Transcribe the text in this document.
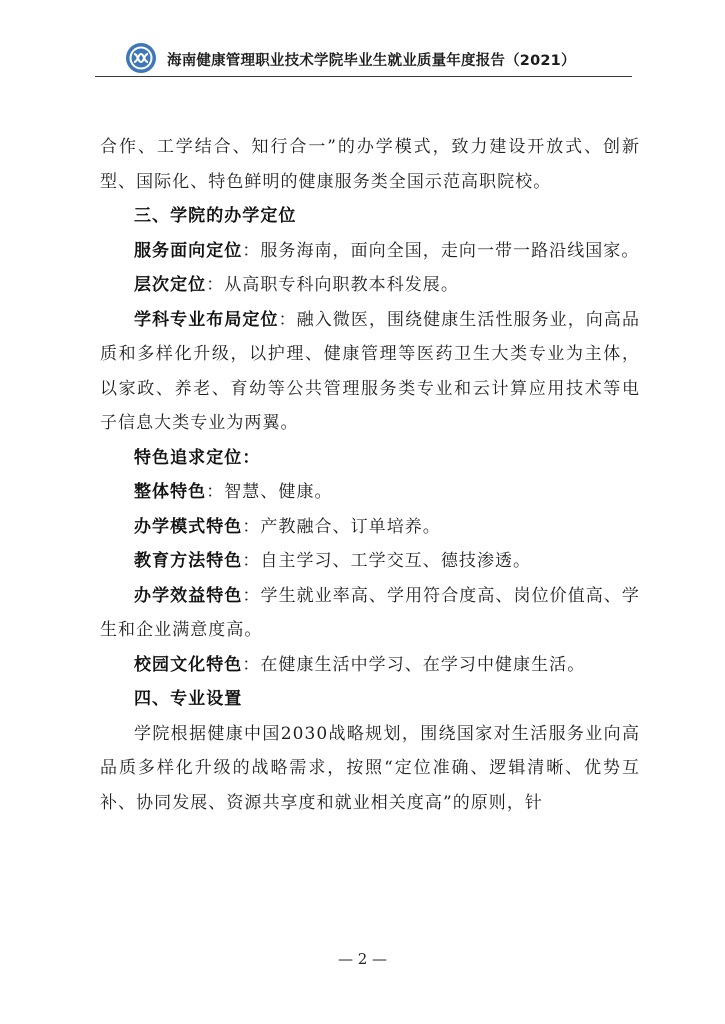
海南健康管理职业技术学院毕业生就业质量年度报告（2021）

合作、工学结合、知行合一”的办学模式，致力建设开放式、创新型、国际化、特色鲜明的健康服务类全国示范高职院校。

三、学院的办学定位

服务面向定位：服务海南，面向全国，走向一带一路沿线国家。

层次定位：从高职专科向职教本科发展。

学科专业布局定位：融入微医，围绕健康生活性服务业，向高品质和多样化升级，以护理、健康管理等医药卫生大类专业为主体，以家政、养老、育幼等公共管理服务类专业和云计算应用技术等电子信息大类专业为两翼。

特色追求定位：

整体特色：智慧、健康。

办学模式特色：产教融合、订单培养。

教育方法特色：自主学习、工学交互、德技渗透。

办学效益特色：学生就业率高、学用符合度高、岗位价值高、学生和企业满意度高。

校园文化特色：在健康生活中学习、在学习中健康生活。

四、专业设置

学院根据健康中国2030战略规划，围绕国家对生活服务业向高品质多样化升级的战略需求，按照“定位准确、逻辑清晰、优势互补、协同发展、资源共享度和就业相关度高”的原则，针

— 2 —
